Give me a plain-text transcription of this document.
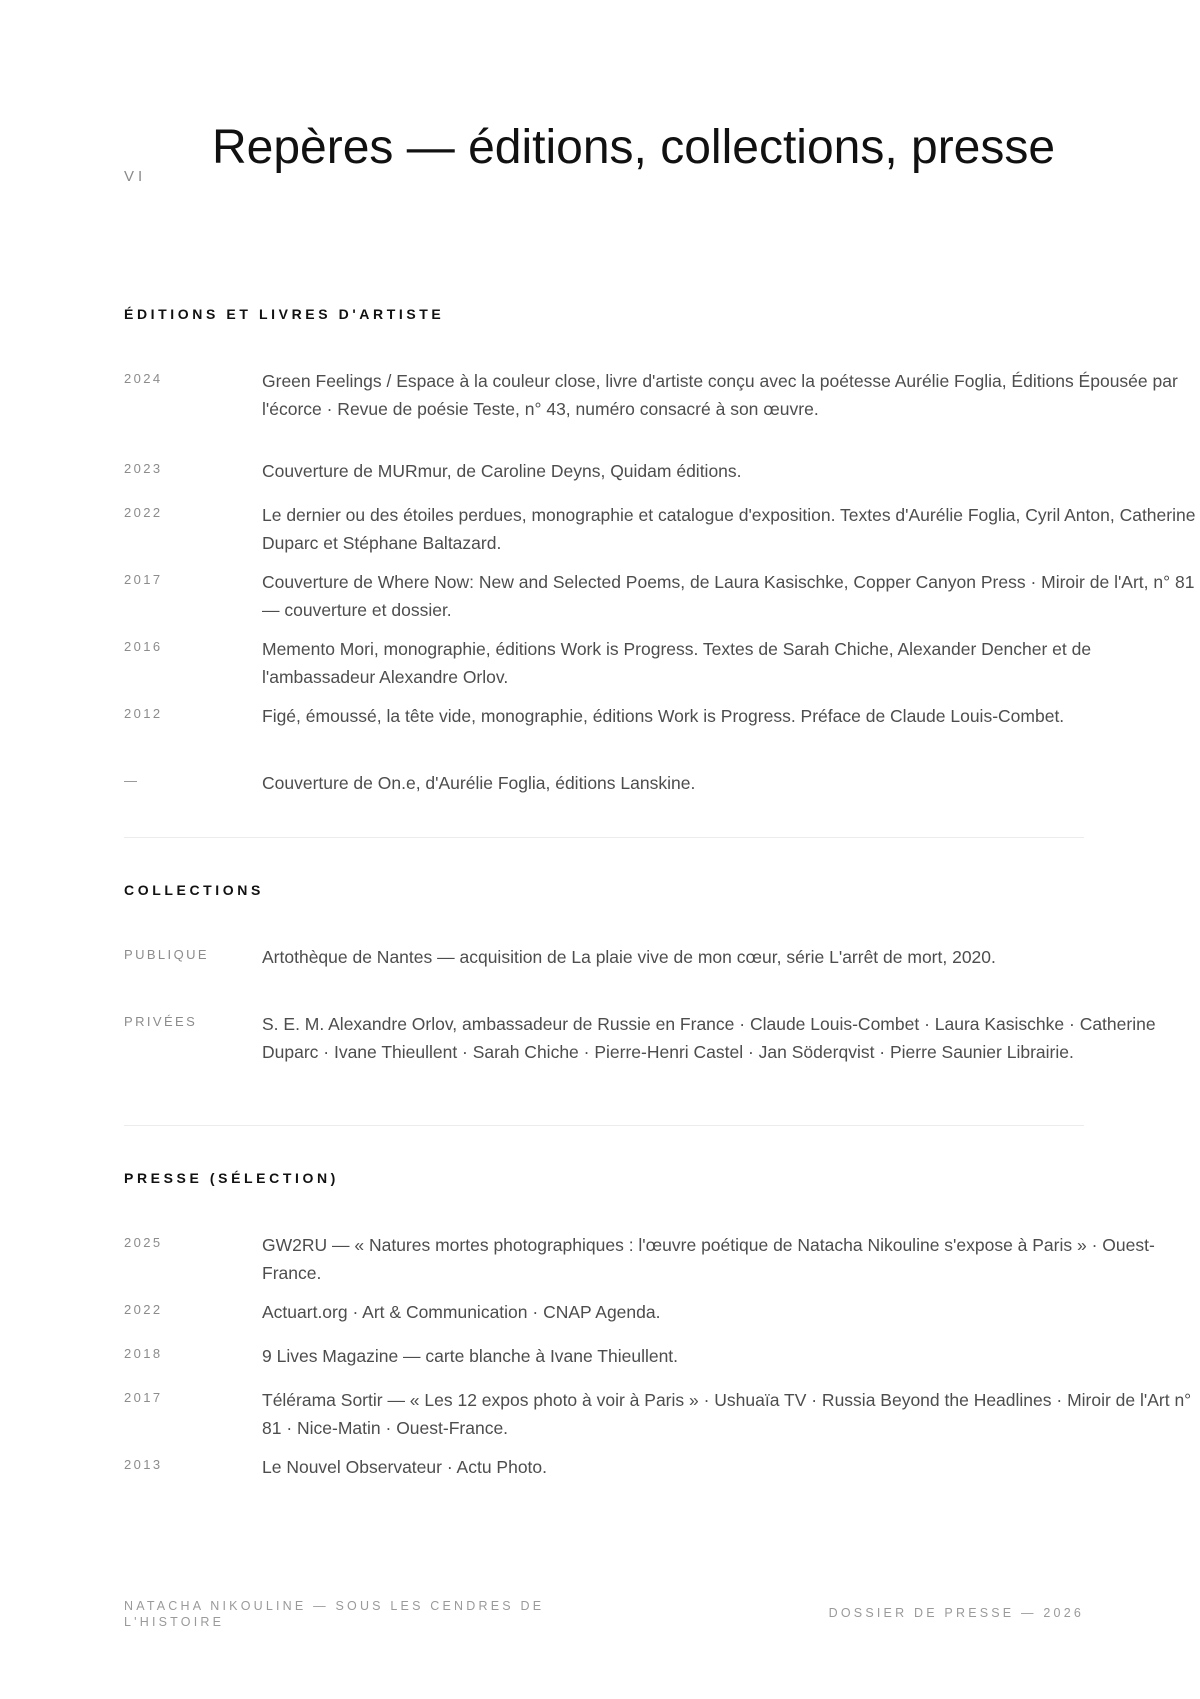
VI
Repères — éditions, collections, presse
ÉDITIONS ET LIVRES D'ARTISTE
2024	Green Feelings / Espace à la couleur close, livre d'artiste conçu avec la poétesse Aurélie Foglia, Éditions Épousée par l'écorce · Revue de poésie Teste, n° 43, numéro consacré à son œuvre.

2023	Couverture de MURmur, de Caroline Deyns, Quidam éditions.

2022	Le dernier ou des étoiles perdues, monographie et catalogue d'exposition. Textes d'Aurélie Foglia, Cyril Anton, Catherine Duparc et Stéphane Baltazard.

2017	Couverture de Where Now: New and Selected Poems, de Laura Kasischke, Copper Canyon Press · Miroir de l'Art, n° 81 — couverture et dossier.

2016	Memento Mori, monographie, éditions Work is Progress. Textes de Sarah Chiche, Alexander Dencher et de l'ambassadeur Alexandre Orlov.

2012	Figé, émoussé, la tête vide, monographie, éditions Work is Progress. Préface de Claude Louis-Combet.

—	Couverture de On.e, d'Aurélie Foglia, éditions Lanskine.

COLLECTIONS
PUBLIQUE	Artothèque de Nantes — acquisition de La plaie vive de mon cœur, série L'arrêt de mort, 2020.

PRIVÉES	S. E. M. Alexandre Orlov, ambassadeur de Russie en France · Claude Louis-Combet · Laura Kasischke · Catherine Duparc · Ivane Thieullent · Sarah Chiche · Pierre-Henri Castel · Jan Söderqvist · Pierre Saunier Librairie.

PRESSE (SÉLECTION)
2025	GW2RU — « Natures mortes photographiques : l'œuvre poétique de Natacha Nikouline s'expose à Paris » · Ouest-France.

2022	Actuart.org · Art & Communication · CNAP Agenda.

2018	9 Lives Magazine — carte blanche à Ivane Thieullent.

2017	Télérama Sortir — « Les 12 expos photo à voir à Paris » · Ushuaïa TV · Russia Beyond the Headlines · Miroir de l'Art n° 81 · Nice-Matin · Ouest-France.

2013	Le Nouvel Observateur · Actu Photo.

NATACHA NIKOULINE — SOUS LES CENDRES DE L'HISTOIRE
DOSSIER DE PRESSE — 2026
